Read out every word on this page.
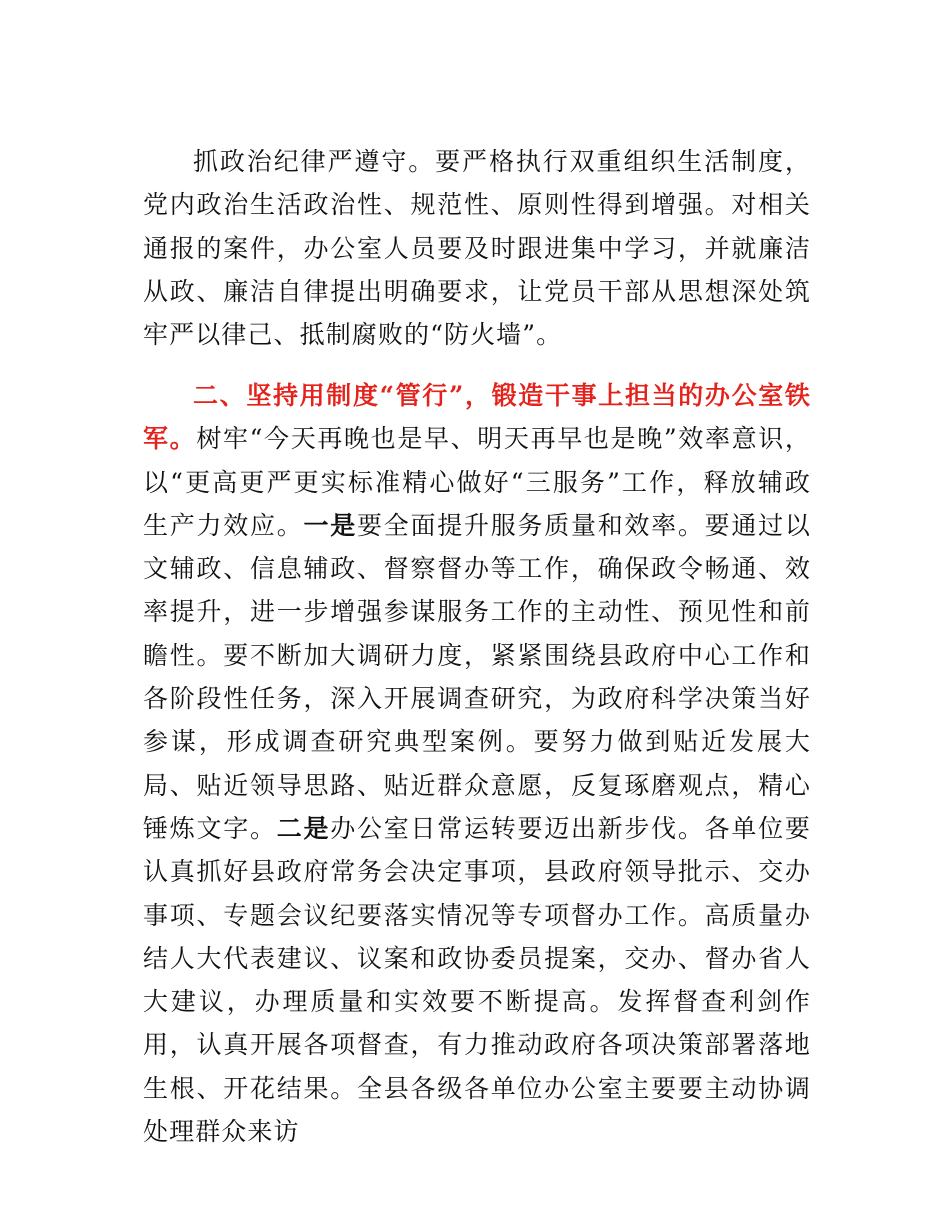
抓政治纪律严遵守。要严格执行双重组织生活制度，党内政治生活政治性、规范性、原则性得到增强。对相关通报的案件，办公室人员要及时跟进集中学习，并就廉洁从政、廉洁自律提出明确要求，让党员干部从思想深处筑牢严以律己、抵制腐败的“防火墙”。

二、坚持用制度“管行”，锻造干事上担当的办公室铁军。树牢“今天再晚也是早、明天再早也是晚”效率意识，以“更高更严更实标准精心做好“三服务”工作，释放辅政生产力效应。一是要全面提升服务质量和效率。要通过以文辅政、信息辅政、督察督办等工作，确保政令畅通、效率提升，进一步增强参谋服务工作的主动性、预见性和前瞻性。要不断加大调研力度，紧紧围绕县政府中心工作和各阶段性任务，深入开展调查研究，为政府科学决策当好参谋，形成调查研究典型案例。要努力做到贴近发展大局、贴近领导思路、贴近群众意愿，反复琢磨观点，精心锤炼文字。二是办公室日常运转要迈出新步伐。各单位要认真抓好县政府常务会决定事项，县政府领导批示、交办事项、专题会议纪要落实情况等专项督办工作。高质量办结人大代表建议、议案和政协委员提案，交办、督办省人大建议，办理质量和实效要不断提高。发挥督查利剑作用，认真开展各项督查，有力推动政府各项决策部署落地生根、开花结果。全县各级各单位办公室主要要主动协调处理群众来访
